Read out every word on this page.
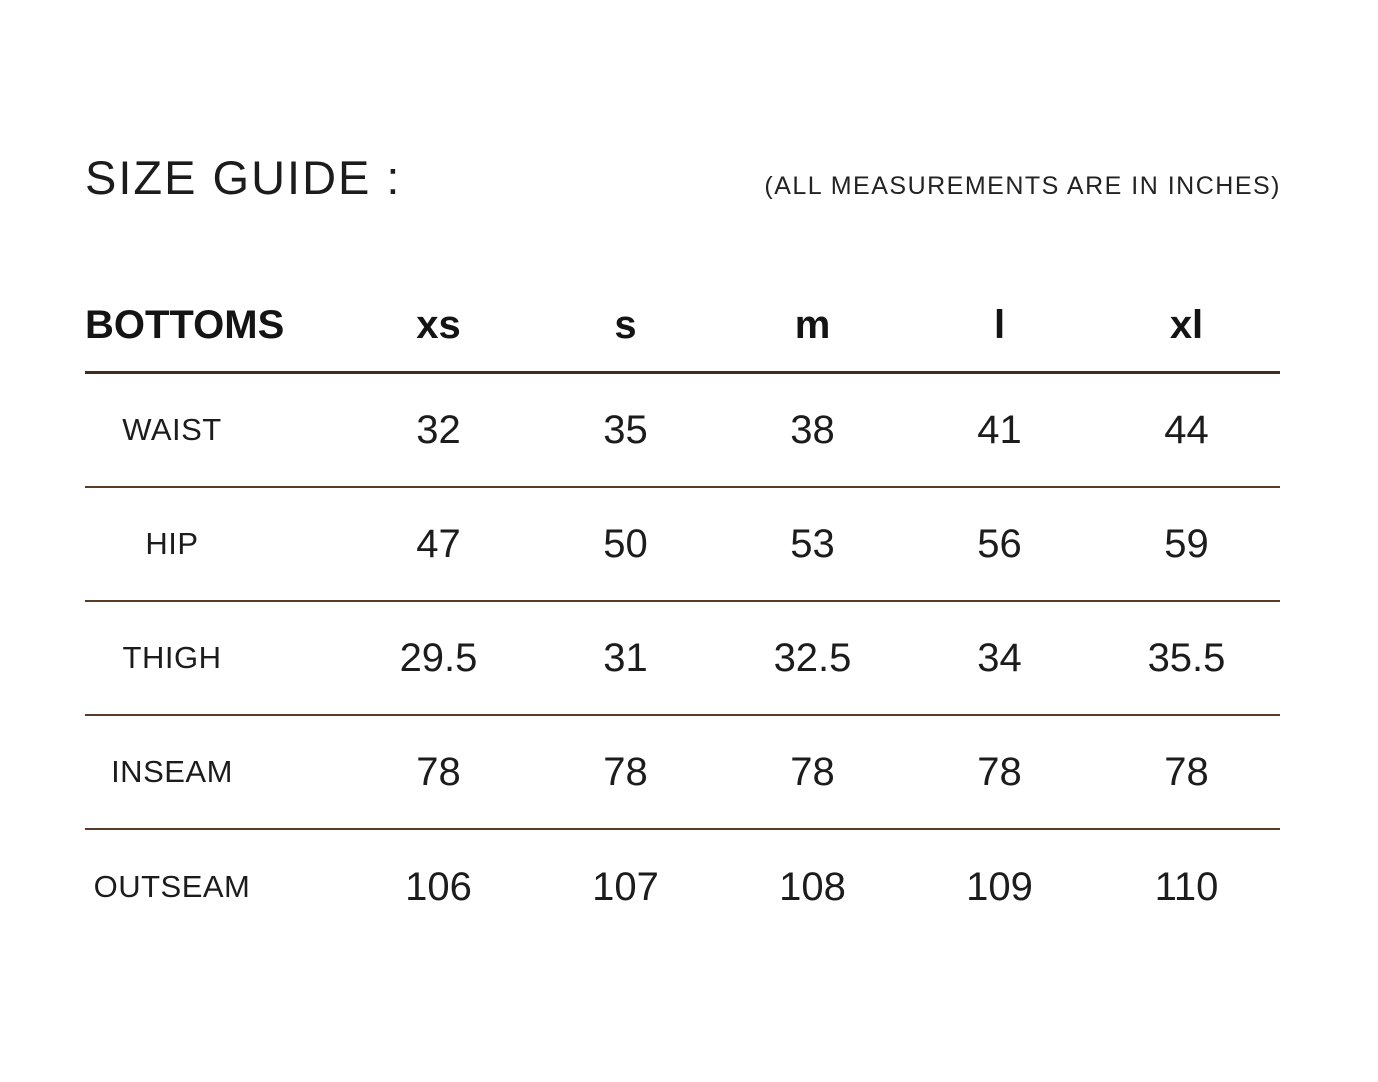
SIZE GUIDE :	(ALL MEASUREMENTS ARE IN INCHES)
BOTTOMS	xs	s	m	l	xl
WAIST	32	35	38	41	44
HIP	47	50	53	56	59
THIGH	29.5	31	32.5	34	35.5
INSEAM	78	78	78	78	78
OUTSEAM	106	107	108	109	110
